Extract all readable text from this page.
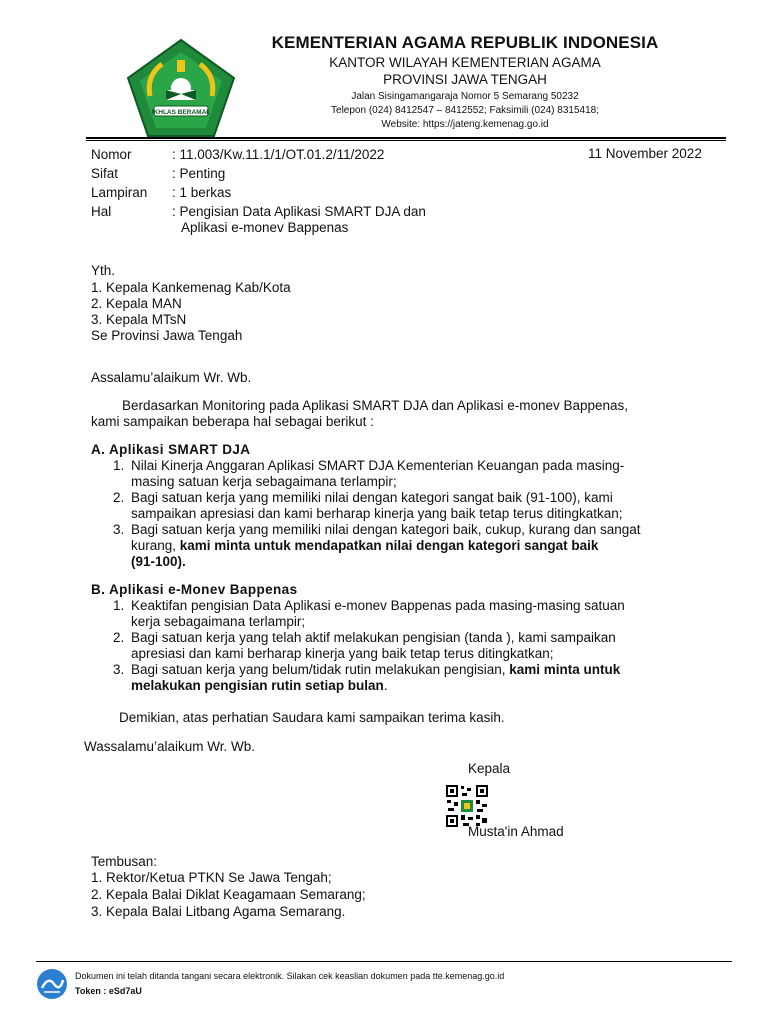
IKHLAS BERAMAL
KEMENTERIAN AGAMA REPUBLIK INDONESIA
KANTOR WILAYAH KEMENTERIAN AGAMA
PROVINSI JAWA TENGAH
Jalan Sisingamangaraja Nomor 5 Semarang 50232
Telepon (024) 8412547 – 8412552; Faksimili (024) 8315418;
Website: https://jateng.kemenag.go.id
11 November 2022
Nomor	: 11.003/Kw.11.1/1/OT.01.2/11/2022
Sifat	: Penting
Lampiran : 1 berkas
Hal	: Pengisian Data Aplikasi SMART DJA dan
Aplikasi e-monev Bappenas
Yth.
1. Kepala Kankemenag Kab/Kota
2. Kepala MAN
3. Kepala MTsN
Se Provinsi Jawa Tengah
Assalamu’alaikum Wr. Wb.
Berdasarkan Monitoring pada Aplikasi SMART DJA dan Aplikasi e-monev Bappenas,
kami sampaikan beberapa hal sebagai berikut :
A. Aplikasi SMART DJA
1. Nilai Kinerja Anggaran Aplikasi SMART DJA Kementerian Keuangan pada masing-
masing satuan kerja sebagaimana terlampir;
2. Bagi satuan kerja yang memiliki nilai dengan kategori sangat baik (91-100), kami
sampaikan apresiasi dan kami berharap kinerja yang baik tetap terus ditingkatkan;
3. Bagi satuan kerja yang memiliki nilai dengan kategori baik, cukup, kurang dan sangat
kurang, kami minta untuk mendapatkan nilai dengan kategori sangat baik
(91-100).
B. Aplikasi e-Monev Bappenas
1. Keaktifan pengisian Data Aplikasi e-monev Bappenas pada masing-masing satuan
kerja sebagaimana terlampir;
2. Bagi satuan kerja yang telah aktif melakukan pengisian (tanda ), kami sampaikan
apresiasi dan kami berharap kinerja yang baik tetap terus ditingkatkan;
3. Bagi satuan kerja yang belum/tidak rutin melakukan pengisian, kami minta untuk
melakukan pengisian rutin setiap bulan.
Demikian, atas perhatian Saudara kami sampaikan terima kasih.
Wassalamu’alaikum Wr. Wb.
Kepala
Musta'in Ahmad
Tembusan:
1. Rektor/Ketua PTKN Se Jawa Tengah;
2. Kepala Balai Diklat Keagamaan Semarang;
3. Kepala Balai Litbang Agama Semarang.
Dokumen ini telah ditanda tangani secara elektronik. Silakan cek keaslian dokumen pada tte.kemenag.go.id
Token : eSd7aU
